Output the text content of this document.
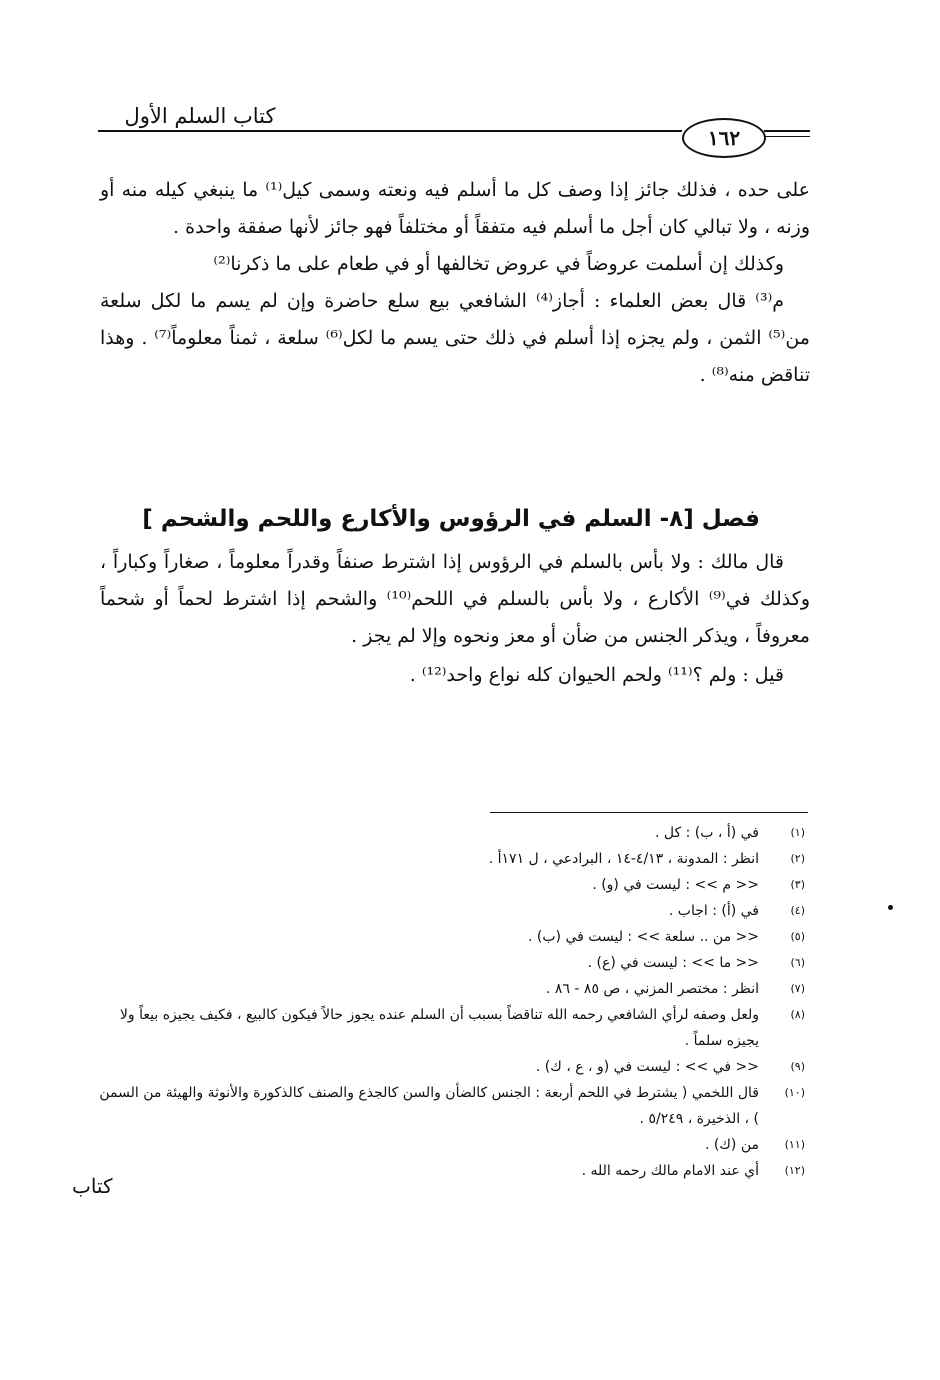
كتاب السلم الأول
١٦٢

على حده ، فذلك جائز إذا وصف كل ما أسلم فيه ونعته وسمى كيل⁽¹⁾ ما ينبغي كيله منه أو وزنه ، ولا تبالي كان أجل ما أسلم فيه متفقاً أو مختلفاً فهو جائز لأنها صفقة واحدة .

وكذلك إن أسلمت عروضاً في عروض تخالفها أو في طعام على ما ذكرنا⁽²⁾

م⁽³⁾ قال بعض العلماء : أجاز⁽⁴⁾ الشافعي بيع سلع حاضرة وإن لم يسم ما لكل سلعة من⁽⁵⁾ الثمن ، ولم يجزه إذا أسلم في ذلك حتى يسم ما لكل⁽⁶⁾ سلعة ، ثمناً معلوماً⁽⁷⁾ . وهذا تناقض منه⁽⁸⁾ .

فصل [٨- السلم في الرؤوس والأكارع واللحم والشحم ]

قال مالك : ولا بأس بالسلم في الرؤوس إذا اشترط صنفاً وقدراً معلوماً ، صغاراً وكباراً ، وكذلك في⁽⁹⁾ الأكارع ، ولا بأس بالسلم في اللحم⁽¹⁰⁾ والشحم إذا اشترط لحماً أو شحماً معروفاً ، ويذكر الجنس من ضأن أو معز ونحوه وإلا لم يجز .

قيل : ولم ؟⁽¹¹⁾ ولحم الحيوان كله نواع واحد⁽¹²⁾ .

(١)
في (أ ، ب) : كل .
(٢)
انظر : المدونة ، ٤/١٣-١٤ ، البرادعي ، ل ١٧١أ .
(٣)
<< م >> : ليست في (و) .
(٤)
في (أ) : اجاب .
(٥)
<< من .. سلعة >> : ليست في (ب) .
(٦)
<< ما >> : ليست في (ع) .
(٧)
انظر : مختصر المزني ، ص ٨٥ - ٨٦ .
(٨)
ولعل وصفه لرأي الشافعي رحمه الله تناقضاً بسبب أن السلم عنده يجوز حالاً فيكون كالبيع ، فكيف يجيزه بيعاً ولا يجيزه سلماً .
(٩)
<< في >> : ليست في (و ، ع ، ك) .
(١٠)
قال اللخمي ( يشترط في اللحم أربعة : الجنس كالضأن والسن كالجذع والصنف كالذكورة والأنوثة والهيئة من السمن ) ، الذخيرة ، ٥/٢٤٩ .
(١١)
من (ك) .
(١٢)
أي عند الامام مالك رحمه الله .
كتاب
